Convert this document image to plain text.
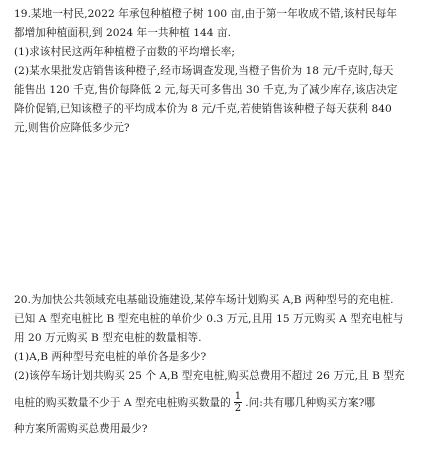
19.某地一村民,2022 年承包种植橙子树 100 亩,由于第一年收成不错,该村民每年
都增加种植面积,到 2024 年一共种植 144 亩.
(1)求该村民这两年种植橙子亩数的平均增长率;
(2)某水果批发店销售该种橙子,经市场调查发现,当橙子售价为 18 元/千克时,每天
能售出 120 千克,售价每降低 2 元,每天可多售出 30 千克,为了减少库存,该店决定
降价促销,已知该橙子的平均成本价为 8 元/千克,若使销售该种橙子每天获利 840
元,则售价应降低多少元?
20.为加快公共领域充电基础设施建设,某停车场计划购买 A,B 两种型号的充电桩.
已知 A 型充电桩比 B 型充电桩的单价少 0.3 万元,且用 15 万元购买 A 型充电桩与
用 20 万元购买 B 型充电桩的数量相等.
(1)A,B 两种型号充电桩的单价各是多少?
(2)该停车场计划共购买 25 个 A,B 型充电桩,购买总费用不超过 26 万元,且 B 型充
电桩的购买数量不少于 A 型充电桩购买数量的 $\frac{1}{2}$ .问:共有哪几种购买方案?哪
种方案所需购买总费用最少?
